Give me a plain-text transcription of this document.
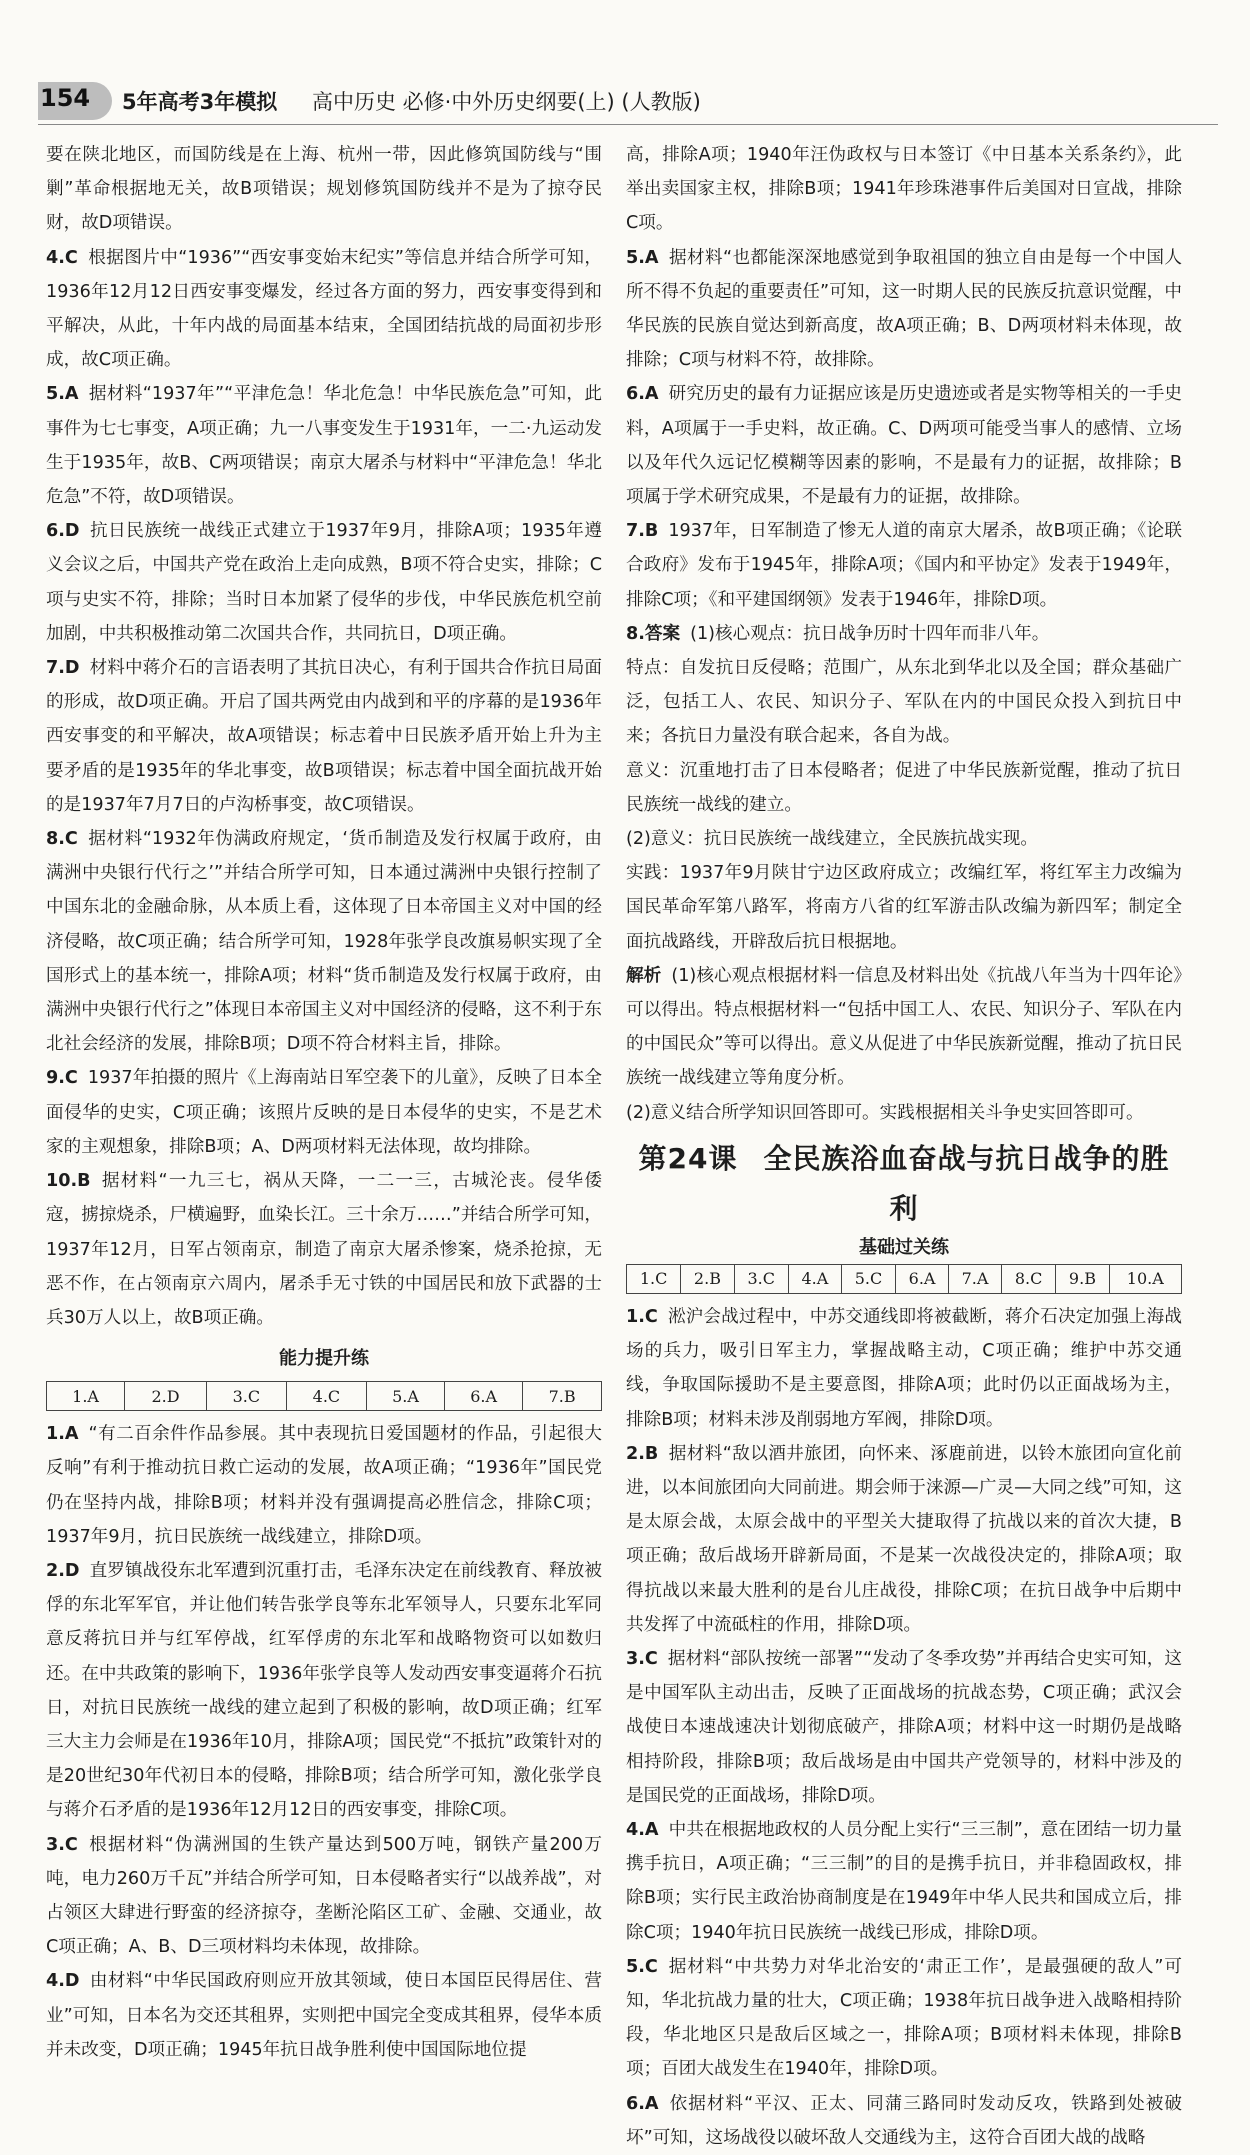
154 5年高考3年模拟 高中历史 必修·中外历史纲要(上) (人教版)

要在陕北地区，而国防线是在上海、杭州一带，因此修筑国防线与“围剿”革命根据地无关，故B项错误；规划修筑国防线并不是为了掠夺民财，故D项错误。

4.C 根据图片中“1936”“西安事变始末纪实”等信息并结合所学可知，1936年12月12日西安事变爆发，经过各方面的努力，西安事变得到和平解决，从此，十年内战的局面基本结束，全国团结抗战的局面初步形成，故C项正确。

5.A 据材料“1937年”“平津危急！华北危急！中华民族危急”可知，此事件为七七事变，A项正确；九一八事变发生于1931年，一二·九运动发生于1935年，故B、C两项错误；南京大屠杀与材料中“平津危急！华北危急”不符，故D项错误。

6.D 抗日民族统一战线正式建立于1937年9月，排除A项；1935年遵义会议之后，中国共产党在政治上走向成熟，B项不符合史实，排除；C项与史实不符，排除；当时日本加紧了侵华的步伐，中华民族危机空前加剧，中共积极推动第二次国共合作，共同抗日，D项正确。

7.D 材料中蒋介石的言语表明了其抗日决心，有利于国共合作抗日局面的形成，故D项正确。开启了国共两党由内战到和平的序幕的是1936年西安事变的和平解决，故A项错误；标志着中日民族矛盾开始上升为主要矛盾的是1935年的华北事变，故B项错误；标志着中国全面抗战开始的是1937年7月7日的卢沟桥事变，故C项错误。

8.C 据材料“1932年伪满政府规定，‘货币制造及发行权属于政府，由满洲中央银行代行之’”并结合所学可知，日本通过满洲中央银行控制了中国东北的金融命脉，从本质上看，这体现了日本帝国主义对中国的经济侵略，故C项正确；结合所学可知，1928年张学良改旗易帜实现了全国形式上的基本统一，排除A项；材料“货币制造及发行权属于政府，由满洲中央银行代行之”体现日本帝国主义对中国经济的侵略，这不利于东北社会经济的发展，排除B项；D项不符合材料主旨，排除。

9.C 1937年拍摄的照片《上海南站日军空袭下的儿童》，反映了日本全面侵华的史实，C项正确；该照片反映的是日本侵华的史实，不是艺术家的主观想象，排除B项；A、D两项材料无法体现，故均排除。

10.B 据材料“一九三七，祸从天降，一二一三，古城沦丧。侵华倭寇，掳掠烧杀，尸横遍野，血染长江。三十余万……”并结合所学可知，1937年12月，日军占领南京，制造了南京大屠杀惨案，烧杀抢掠，无恶不作，在占领南京六周内，屠杀手无寸铁的中国居民和放下武器的士兵30万人以上，故B项正确。

能力提升练
1.A	2.D	3.C	4.C	5.A	6.A	7.B

1.A “有二百余件作品参展。其中表现抗日爱国题材的作品，引起很大反响”有利于推动抗日救亡运动的发展，故A项正确；“1936年”国民党仍在坚持内战，排除B项；材料并没有强调提高必胜信念，排除C项；1937年9月，抗日民族统一战线建立，排除D项。

2.D 直罗镇战役东北军遭到沉重打击，毛泽东决定在前线教育、释放被俘的东北军军官，并让他们转告张学良等东北军领导人，只要东北军同意反蒋抗日并与红军停战，红军俘虏的东北军和战略物资可以如数归还。在中共政策的影响下，1936年张学良等人发动西安事变逼蒋介石抗日，对抗日民族统一战线的建立起到了积极的影响，故D项正确；红军三大主力会师是在1936年10月，排除A项；国民党“不抵抗”政策针对的是20世纪30年代初日本的侵略，排除B项；结合所学可知，激化张学良与蒋介石矛盾的是1936年12月12日的西安事变，排除C项。

3.C 根据材料“伪满洲国的生铁产量达到500万吨，钢铁产量200万吨，电力260万千瓦”并结合所学可知，日本侵略者实行“以战养战”，对占领区大肆进行野蛮的经济掠夺，垄断沦陷区工矿、金融、交通业，故C项正确；A、B、D三项材料均未体现，故排除。

4.D 由材料“中华民国政府则应开放其领域，使日本国臣民得居住、营业”可知，日本名为交还其租界，实则把中国完全变成其租界，侵华本质并未改变，D项正确；1945年抗日战争胜利使中国国际地位提

高，排除A项；1940年汪伪政权与日本签订《中日基本关系条约》，此举出卖国家主权，排除B项；1941年珍珠港事件后美国对日宣战，排除C项。

5.A 据材料“也都能深深地感觉到争取祖国的独立自由是每一个中国人所不得不负起的重要责任”可知，这一时期人民的民族反抗意识觉醒，中华民族的民族自觉达到新高度，故A项正确；B、D两项材料未体现，故排除；C项与材料不符，故排除。

6.A 研究历史的最有力证据应该是历史遗迹或者是实物等相关的一手史料，A项属于一手史料，故正确。C、D两项可能受当事人的感情、立场以及年代久远记忆模糊等因素的影响，不是最有力的证据，故排除；B项属于学术研究成果，不是最有力的证据，故排除。

7.B 1937年，日军制造了惨无人道的南京大屠杀，故B项正确；《论联合政府》发布于1945年，排除A项；《国内和平协定》发表于1949年，排除C项；《和平建国纲领》发表于1946年，排除D项。

8.答案 (1)核心观点：抗日战争历时十四年而非八年。

特点：自发抗日反侵略；范围广，从东北到华北以及全国；群众基础广泛，包括工人、农民、知识分子、军队在内的中国民众投入到抗日中来；各抗日力量没有联合起来，各自为战。

意义：沉重地打击了日本侵略者；促进了中华民族新觉醒，推动了抗日民族统一战线的建立。

(2)意义：抗日民族统一战线建立，全民族抗战实现。

实践：1937年9月陕甘宁边区政府成立；改编红军，将红军主力改编为国民革命军第八路军，将南方八省的红军游击队改编为新四军；制定全面抗战路线，开辟敌后抗日根据地。

解析 (1)核心观点根据材料一信息及材料出处《抗战八年当为十四年论》可以得出。特点根据材料一“包括中国工人、农民、知识分子、军队在内的中国民众”等可以得出。意义从促进了中华民族新觉醒，推动了抗日民族统一战线建立等角度分析。

(2)意义结合所学知识回答即可。实践根据相关斗争史实回答即可。

第24课 全民族浴血奋战与抗日战争的胜利
基础过关练
1.C	2.B	3.C	4.A	5.C	6.A	7.A	8.C	9.B	10.A

1.C 淞沪会战过程中，中苏交通线即将被截断，蒋介石决定加强上海战场的兵力，吸引日军主力，掌握战略主动，C项正确；维护中苏交通线，争取国际援助不是主要意图，排除A项；此时仍以正面战场为主，排除B项；材料未涉及削弱地方军阀，排除D项。

2.B 据材料“敌以酒井旅团，向怀来、涿鹿前进，以铃木旅团向宣化前进，以本间旅团向大同前进。期会师于涞源—广灵—大同之线”可知，这是太原会战，太原会战中的平型关大捷取得了抗战以来的首次大捷，B项正确；敌后战场开辟新局面，不是某一次战役决定的，排除A项；取得抗战以来最大胜利的是台儿庄战役，排除C项；在抗日战争中后期中共发挥了中流砥柱的作用，排除D项。

3.C 据材料“部队按统一部署”“发动了冬季攻势”并再结合史实可知，这是中国军队主动出击，反映了正面战场的抗战态势，C项正确；武汉会战使日本速战速决计划彻底破产，排除A项；材料中这一时期仍是战略相持阶段，排除B项；敌后战场是由中国共产党领导的，材料中涉及的是国民党的正面战场，排除D项。

4.A 中共在根据地政权的人员分配上实行“三三制”，意在团结一切力量携手抗日，A项正确；“三三制”的目的是携手抗日，并非稳固政权，排除B项；实行民主政治协商制度是在1949年中华人民共和国成立后，排除C项；1940年抗日民族统一战线已形成，排除D项。

5.C 据材料“中共势力对华北治安的‘肃正工作’，是最强硬的敌人”可知，华北抗战力量的壮大，C项正确；1938年抗日战争进入战略相持阶段，华北地区只是敌后区域之一，排除A项；B项材料未体现，排除B项；百团大战发生在1940年，排除D项。

6.A 依据材料“平汉、正太、同蒲三路同时发动反攻，铁路到处被破坏”可知，这场战役以破坏敌人交通线为主，这符合百团大战的战略
